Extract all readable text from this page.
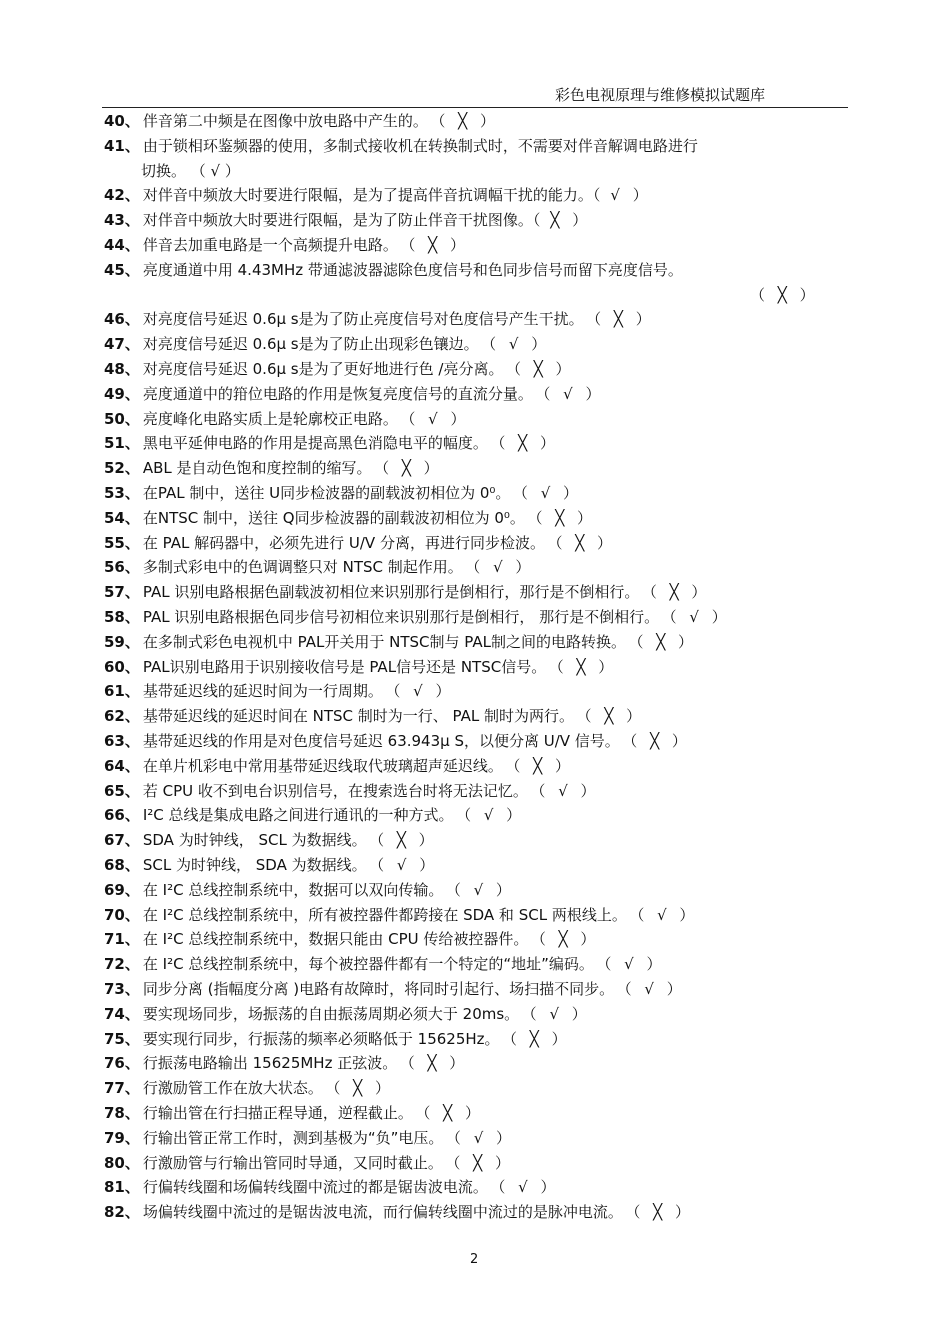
彩色电视原理与维修模拟试题库
40、 伴音第二中频是在图像中放电路中产生的。 （ ╳ ）
41、 由于锁相环鉴频器的使用，多制式接收机在转换制式时，不需要对伴音解调电路进行
切换。 （ √ ）
42、 对伴音中频放大时要进行限幅，是为了提高伴音抗调幅干扰的能力。（ √ ）
43、 对伴音中频放大时要进行限幅，是为了防止伴音干扰图像。（ ╳ ）
44、 伴音去加重电路是一个高频提升电路。 （ ╳ ）
45、 亮度通道中用 4.43MHz 带通滤波器滤除色度信号和色同步信号而留下亮度信号。
（ ╳ ）
46、 对亮度信号延迟 0.6μ s是为了防止亮度信号对色度信号产生干扰。 （ ╳ ）
47、 对亮度信号延迟 0.6μ s是为了防止出现彩色镶边。 （ √ ）
48、 对亮度信号延迟 0.6μ s是为了更好地进行色 /亮分离。 （ ╳ ）
49、 亮度通道中的箝位电路的作用是恢复亮度信号的直流分量。 （ √ ）
50、 亮度峰化电路实质上是轮廓校正电路。 （ √ ）
51、 黑电平延伸电路的作用是提高黑色消隐电平的幅度。 （ ╳ ）
52、 ABL 是自动色饱和度控制的缩写。 （ ╳ ）
53、 在PAL 制中，送往 U同步检波器的副载波初相位为 0⁰。 （ √ ）
54、 在NTSC 制中，送往 Q同步检波器的副载波初相位为 0⁰。 （ ╳ ）
55、 在 PAL 解码器中，必须先进行 U/V 分离，再进行同步检波。 （ ╳ ）
56、 多制式彩电中的色调调整只对 NTSC 制起作用。 （ √ ）
57、 PAL 识别电路根据色副载波初相位来识别那行是倒相行，那行是不倒相行。 （ ╳ ）
58、 PAL 识别电路根据色同步信号初相位来识别那行是倒相行， 那行是不倒相行。 （ √ ）
59、 在多制式彩色电视机中 PAL开关用于 NTSC制与 PAL制之间的电路转换。 （ ╳ ）
60、 PAL识别电路用于识别接收信号是 PAL信号还是 NTSC信号。 （ ╳ ）
61、 基带延迟线的延迟时间为一行周期。 （ √ ）
62、 基带延迟线的延迟时间在 NTSC 制时为一行、 PAL 制时为两行。 （ ╳ ）
63、 基带延迟线的作用是对色度信号延迟 63.943μ S，以便分离 U/V 信号。 （ ╳ ）
64、 在单片机彩电中常用基带延迟线取代玻璃超声延迟线。 （ ╳ ）
65、 若 CPU 收不到电台识别信号，在搜索选台时将无法记忆。 （ √ ）
66、 I²C 总线是集成电路之间进行通讯的一种方式。 （ √ ）
67、 SDA 为时钟线， SCL 为数据线。 （ ╳ ）
68、 SCL 为时钟线， SDA 为数据线。 （ √ ）
69、 在 I²C 总线控制系统中，数据可以双向传输。 （ √ ）
70、 在 I²C 总线控制系统中，所有被控器件都跨接在 SDA 和 SCL 两根线上。 （ √ ）
71、 在 I²C 总线控制系统中，数据只能由 CPU 传给被控器件。 （ ╳ ）
72、 在 I²C 总线控制系统中，每个被控器件都有一个特定的“地址”编码。 （ √ ）
73、 同步分离 (指幅度分离 )电路有故障时，将同时引起行、场扫描不同步。 （ √ ）
74、 要实现场同步，场振荡的自由振荡周期必须大于 20ms。 （ √ ）
75、 要实现行同步，行振荡的频率必须略低于 15625Hz。 （ ╳ ）
76、 行振荡电路输出 15625MHz 正弦波。 （ ╳ ）
77、 行激励管工作在放大状态。 （ ╳ ）
78、 行输出管在行扫描正程导通，逆程截止。 （ ╳ ）
79、 行输出管正常工作时，测到基极为“负”电压。 （ √ ）
80、 行激励管与行输出管同时导通，又同时截止。 （ ╳ ）
81、 行偏转线圈和场偏转线圈中流过的都是锯齿波电流。 （ √ ）
82、 场偏转线圈中流过的是锯齿波电流，而行偏转线圈中流过的是脉冲电流。 （ ╳ ）
2
